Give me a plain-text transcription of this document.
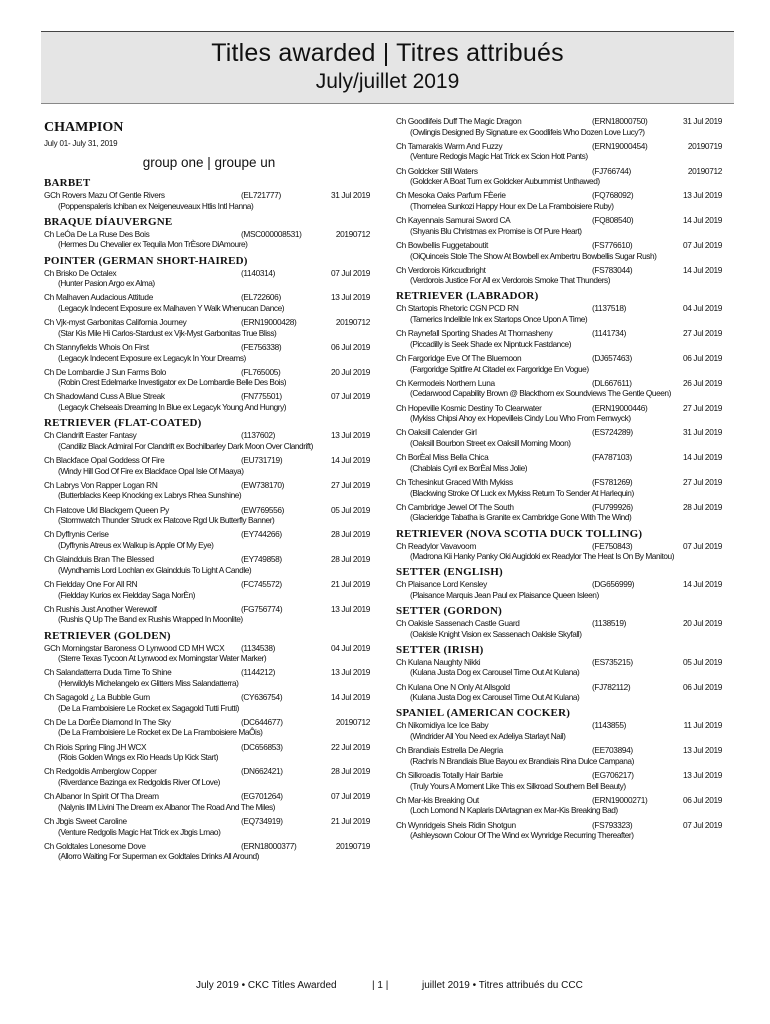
Titles awarded | Titres attribués
July/juillet 2019
CHAMPION
July 01- July 31, 2019
group one | groupe un
BARBET
GCh Rovers Mazu Of Gentle Rivers	(EL721777)	31 Jul 2019
(Poppenspaleris Ichiban ex Neigeneuveaux Htlis Intl Hanna)
BRAQUE DÍAUVERGNE
Ch LeÓa De La Ruse Des Bois	(MSC000008531)	20190712
(Hermes Du Chevalier ex Tequila Mon TrÈsore DiAmoure)
POINTER (GERMAN SHORT-HAIRED)
Ch Brisko De Octalex	(1140314)	07 Jul 2019
(Hunter Pasion Argo ex Alma)
Ch Malhaven Audacious Attitude	(EL722606)	13 Jul 2019
(Legacyk Indecent Exposure ex Malhaven Y Walk Whenucan Dance)
Ch Vjk-myst Garbonitas California Journey	(ERN19000428)	20190712
(Star Kis Mile Hi Carlos-Stardust ex Vjk-Myst Garbonitas True Bliss)
Ch Stannyfields Whois On First	(FE756338)	06 Jul 2019
(Legacyk Indecent Exposure ex Legacyk In Your Dreams)
Ch De Lombardie J Sun Farms Bolo	(FL765005)	20 Jul 2019
(Robin Crest Edelmarke Investigator ex De Lombardie Belle Des Bois)
Ch Shadowland Cuss A Blue Streak	(FN775501)	07 Jul 2019
(Legacyk Chelseais Dreaming In Blue ex Legacyk Young And Hungry)
RETRIEVER (FLAT-COATED)
Ch Clandrift Easter Fantasy	(1137602)	13 Jul 2019
(Candiliz Black Admiral For Clandrift ex Bochilbarley Dark Moon Over Clandrift)
Ch Blackface Opal Goddess Of Fire	(EU731719)	14 Jul 2019
(Windy Hill God Of Fire ex Blackface Opal Isle Of Maaya)
Ch Labrys Von Rapper Logan RN	(EW738170)	27 Jul 2019
(Butterblacks Keep Knocking ex Labrys Rhea Sunshine)
Ch Flatcove Ukl Blackgem Queen Py	(EW769556)	05 Jul 2019
(Stormwatch Thunder Struck ex Flatcove Rgd Uk Butterfly Banner)
Ch Dyffrynis Cerise	(EY744266)	28 Jul 2019
(Dyffrynis Atreus ex Walkup is Apple Of My Eye)
Ch Glaindduis Bran The Blessed	(EY749858)	28 Jul 2019
(Wyndhamis Lord Lochlan ex Glaindduis To Light A Candle)
Ch Fieldday One For All RN	(FC745572)	21 Jul 2019
(Fieldday Kurios ex Fieldday Saga NorÈn)
Ch Rushis Just Another Werewolf	(FG756774)	13 Jul 2019
(Rushis Q Up The Band ex Rushis Wrapped In Moonlite)
RETRIEVER (GOLDEN)
GCh Morningstar Baroness O Lynwood CD MH WCX (1134538)	04 Jul 2019
(Sterre Texas Tycoon At Lynwood ex Morningstar Water Marker)
Ch Salandatterra Duda Time To Shine	(1144212)	13 Jul 2019
(Herwildyls Michelangelo ex Glitters Miss Salandatterra)
Ch Sagagold ¿ La Bubble Gum	(CY636754)	14 Jul 2019
(De La Framboisiere Le Rocket ex Sagagold Tutti Frutti)
Ch De La DorÈe Diamond In The Sky	(DC644677)	20190712
(De La Framboisiere Le Rocket ex De La Framboisiere MaÔis)
Ch Riois Spring Fling JH WCX	(DC656853)	22 Jul 2019
(Riois Golden Wings ex Rio Heads Up Kick Start)
Ch Redgoldis Amberglow Copper	(DN662421)	28 Jul 2019
(Riverdance Bazinga ex Redgoldis River Of Love)
Ch Albanor In Spirit Of Tha Dream	(EG701264)	07 Jul 2019
(Nalynis IlM Livini The Dream ex Albanor The Road And The Miles)
Ch Jbgis Sweet Caroline	(EQ734919)	21 Jul 2019
(Venture Redgolis Magic Hat Trick ex Jbgis Lmao)
Ch Goldtales Lonesome Dove	(ERN18000377)	20190719
(Allorro Waiting For Superman ex Goldtales Drinks All Around)
Ch Goodlifeis Duff The Magic Dragon	(ERN18000750)	31 Jul 2019
(Owlingis Designed By Signature ex Goodlifeis Who Dozen Love Lucy?)
Ch Tamarakis Warm And Fuzzy	(ERN19000454)	20190719
(Venture Redogis Magic Hat Trick ex Scion Hott Pants)
Ch Goldcker Still Waters	(FJ766744)	20190712
(Goldcker A Boat Turn ex Goldcker Auburnmist Unthawed)
Ch Mesoka Oaks Parfum FÈerie	(FQ768092)	13 Jul 2019
(Thornelea Sunkozi Happy Hour ex De La Framboisiere Ruby)
Ch Kayennais Samurai Sword CA	(FQ808540)	14 Jul 2019
(Shyanis Blu Christmas ex Promise is Of Pure Heart)
Ch Bowbellis Fuggetaboutit	(FS776610)	07 Jul 2019
(OiQuinceis Stole The Show At Bowbell ex Ambertru Bowbellis Sugar Rush)
Ch Verdorois Kirkcudbright	(FS783044)	14 Jul 2019
(Verdorois Justice For All ex Verdorois Smoke That Thunders)
RETRIEVER (LABRADOR)
Ch Startopis Rhetoric CGN PCD RN	(1137518)	04 Jul 2019
(Tamerics Indelible Ink ex Startops Once Upon A Time)
Ch Raynefall Sporting Shades At Thornasheny	(1141734)	27 Jul 2019
(Piccadilly is Seek Shade ex Nipntuck Fastdance)
Ch Fargoridge Eve Of The Bluemoon	(DJ657463)	06 Jul 2019
(Fargoridge Spitfire At Citadel ex Fargoridge En Vogue)
Ch Kermodeis Northern Luna	(DL667611)	26 Jul 2019
(Cedarwood Capability Brown @ Blackthorn ex Soundviews The Gentle Queen)
Ch Hopeville Kosmic Destiny To Clearwater	(ERN19000446)	27 Jul 2019
(Mykiss Chipsi Ahoy ex Hopevilleis Cindy Lou Who From Fernwyck)
Ch Oaksill Calender Girl	(ES724289)	31 Jul 2019
(Oaksill Bourbon Street ex Oaksill Morning Moon)
Ch BorÈal Miss Bella Chica	(FA787103)	14 Jul 2019
(Chablais Cyril ex BorÈal Miss Jolie)
Ch Tchesinkut Graced With Mykiss	(FS781269)	27 Jul 2019
(Blackwing Stroke Of Luck ex Mykiss Return To Sender At Harlequin)
Ch Cambridge Jewel Of The South	(FU799926)	28 Jul 2019
(Glacieridge Tabatha is Granite ex Cambridge Gone With The Wind)
RETRIEVER (NOVA SCOTIA DUCK TOLLING)
Ch Readylor Vavavoom	(FE750843)	07 Jul 2019
(Madrona Kii Hanky Panky Oki Augidoki ex Readylor The Heat Is On By Manitou)
SETTER (ENGLISH)
Ch Plaisance Lord Kensley	(DG656999)	14 Jul 2019
(Plaisance Marquis Jean Paul ex Plaisance Queen Isleen)
SETTER (GORDON)
Ch Oakisle Sassenach Castle Guard	(1138519)	20 Jul 2019
(Oakisle Knight Vision ex Sassenach Oakisle Skyfall)
SETTER (IRISH)
Ch Kulana Naughty Nikki	(ES735215)	05 Jul 2019
(Kulana Justa Dog ex Carousel Time Out At Kulana)
Ch Kulana One N Only At Allsgold	(FJ782112)	06 Jul 2019
(Kulana Justa Dog ex Carousel Time Out At Kulana)
SPANIEL (AMERICAN COCKER)
Ch Nikomidiya Ice Ice Baby	(1143855)	11 Jul 2019
(Windrider All You Need ex Adeliya Starlayt Nail)
Ch Brandiais Estrella De Alegria	(EE703894)	13 Jul 2019
(Rachris N Brandiais Blue Bayou ex Brandiais Rina Dulce Campana)
Ch Silkroadis Totally Hair Barbie	(EG706217)	13 Jul 2019
(Truly Yours A Moment Like This ex Silkroad Southern Bell Beauty)
Ch Mar-kis Breaking Out	(ERN19000271)	06 Jul 2019
(Loch Lomond N Kaplaris DiArtagnan ex Mar-Kis Breaking Bad)
Ch Wynridgeis Sheis Ridin Shotgun	(FS793323)	07 Jul 2019
(Ashleysown Colour Of The Wind ex Wynridge Recurring Thereafter)
July 2019 • CKC Titles Awarded	| 1 |	juillet 2019 • Titres attribués du CCC
